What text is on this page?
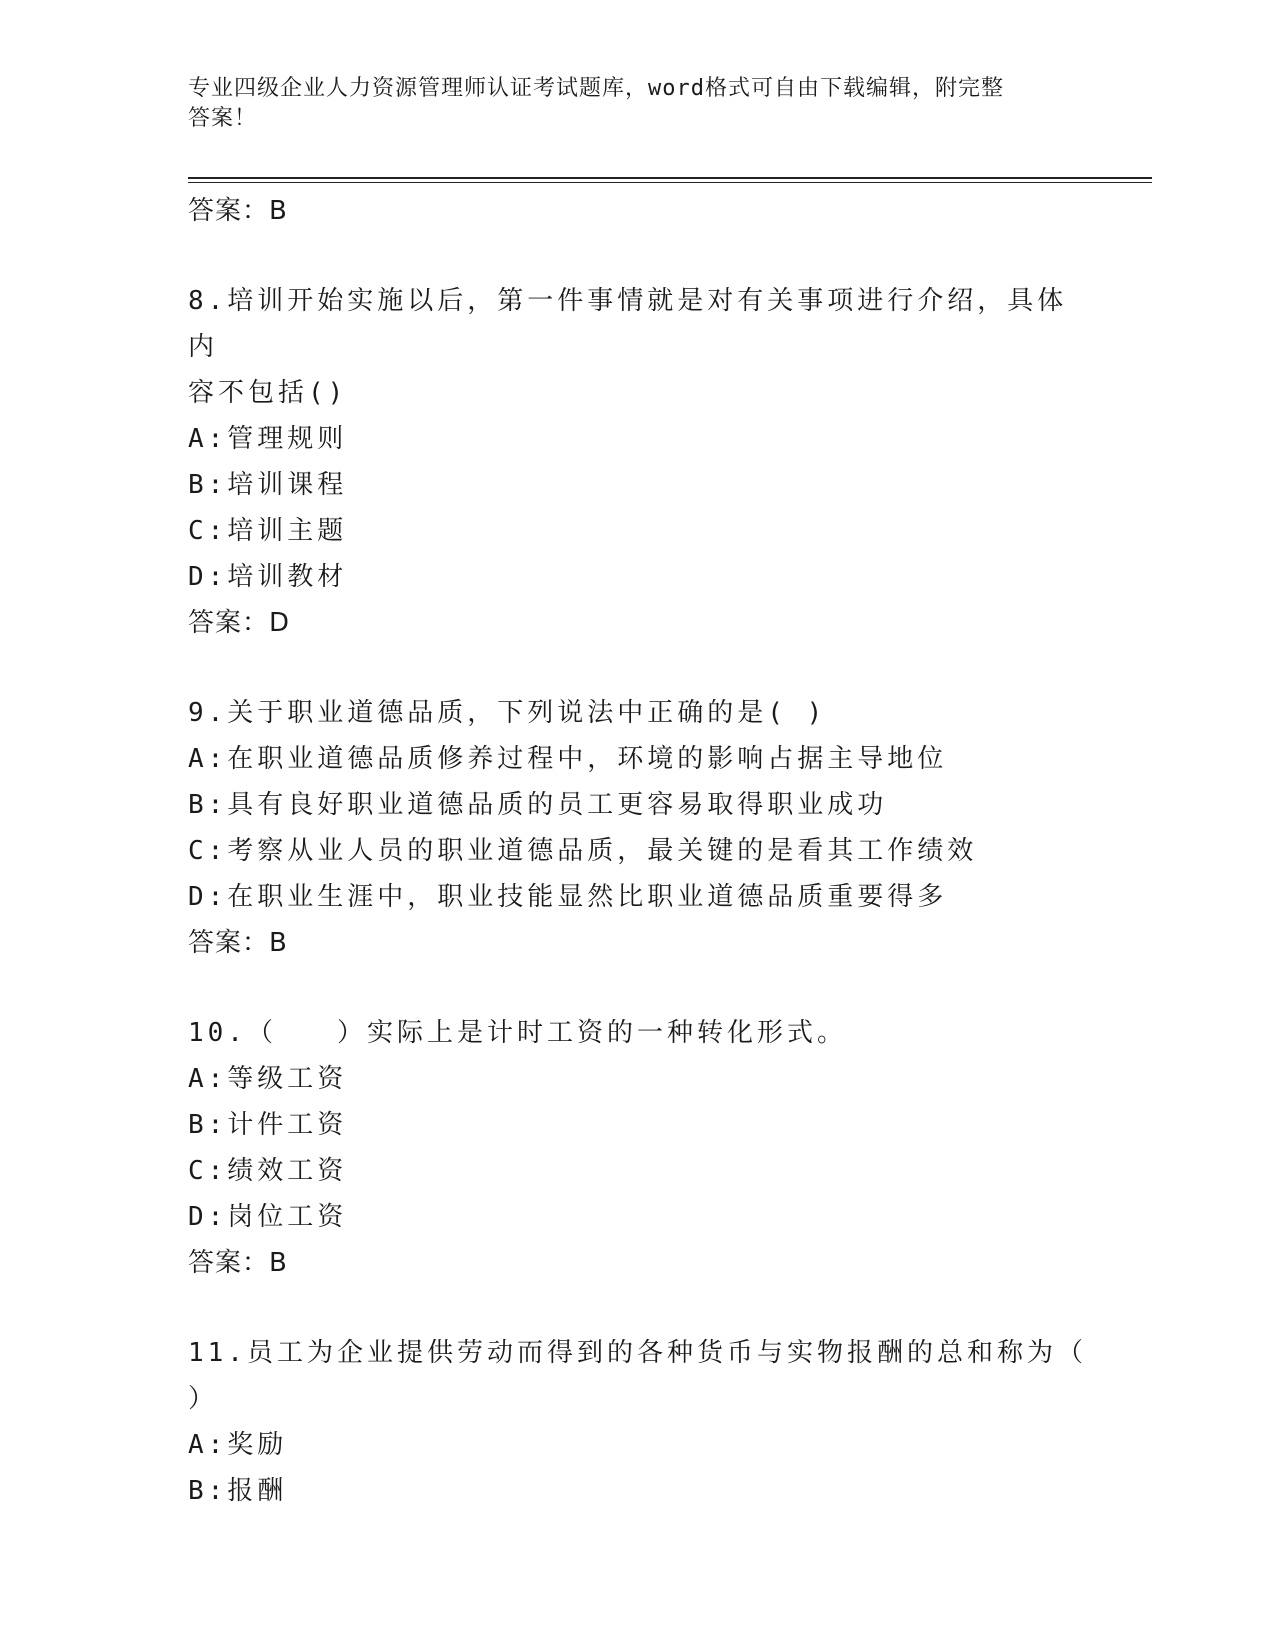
专业四级企业人力资源管理师认证考试题库，word格式可自由下载编辑，附完整
答案！
答案：B
8.培训开始实施以后，第一件事情就是对有关事项进行介绍，具体内
容不包括()
A:管理规则
B:培训课程
C:培训主题
D:培训教材
答案：D
9.关于职业道德品质，下列说法中正确的是( )
A:在职业道德品质修养过程中，环境的影响占据主导地位
B:具有良好职业道德品质的员工更容易取得职业成功
C:考察从业人员的职业道德品质，最关键的是看其工作绩效
D:在职业生涯中，职业技能显然比职业道德品质重要得多
答案：B
10.（　　）实际上是计时工资的一种转化形式。
A:等级工资
B:计件工资
C:绩效工资
D:岗位工资
答案：B
11.员工为企业提供劳动而得到的各种货币与实物报酬的总和称为（
）
A:奖励
B:报酬
